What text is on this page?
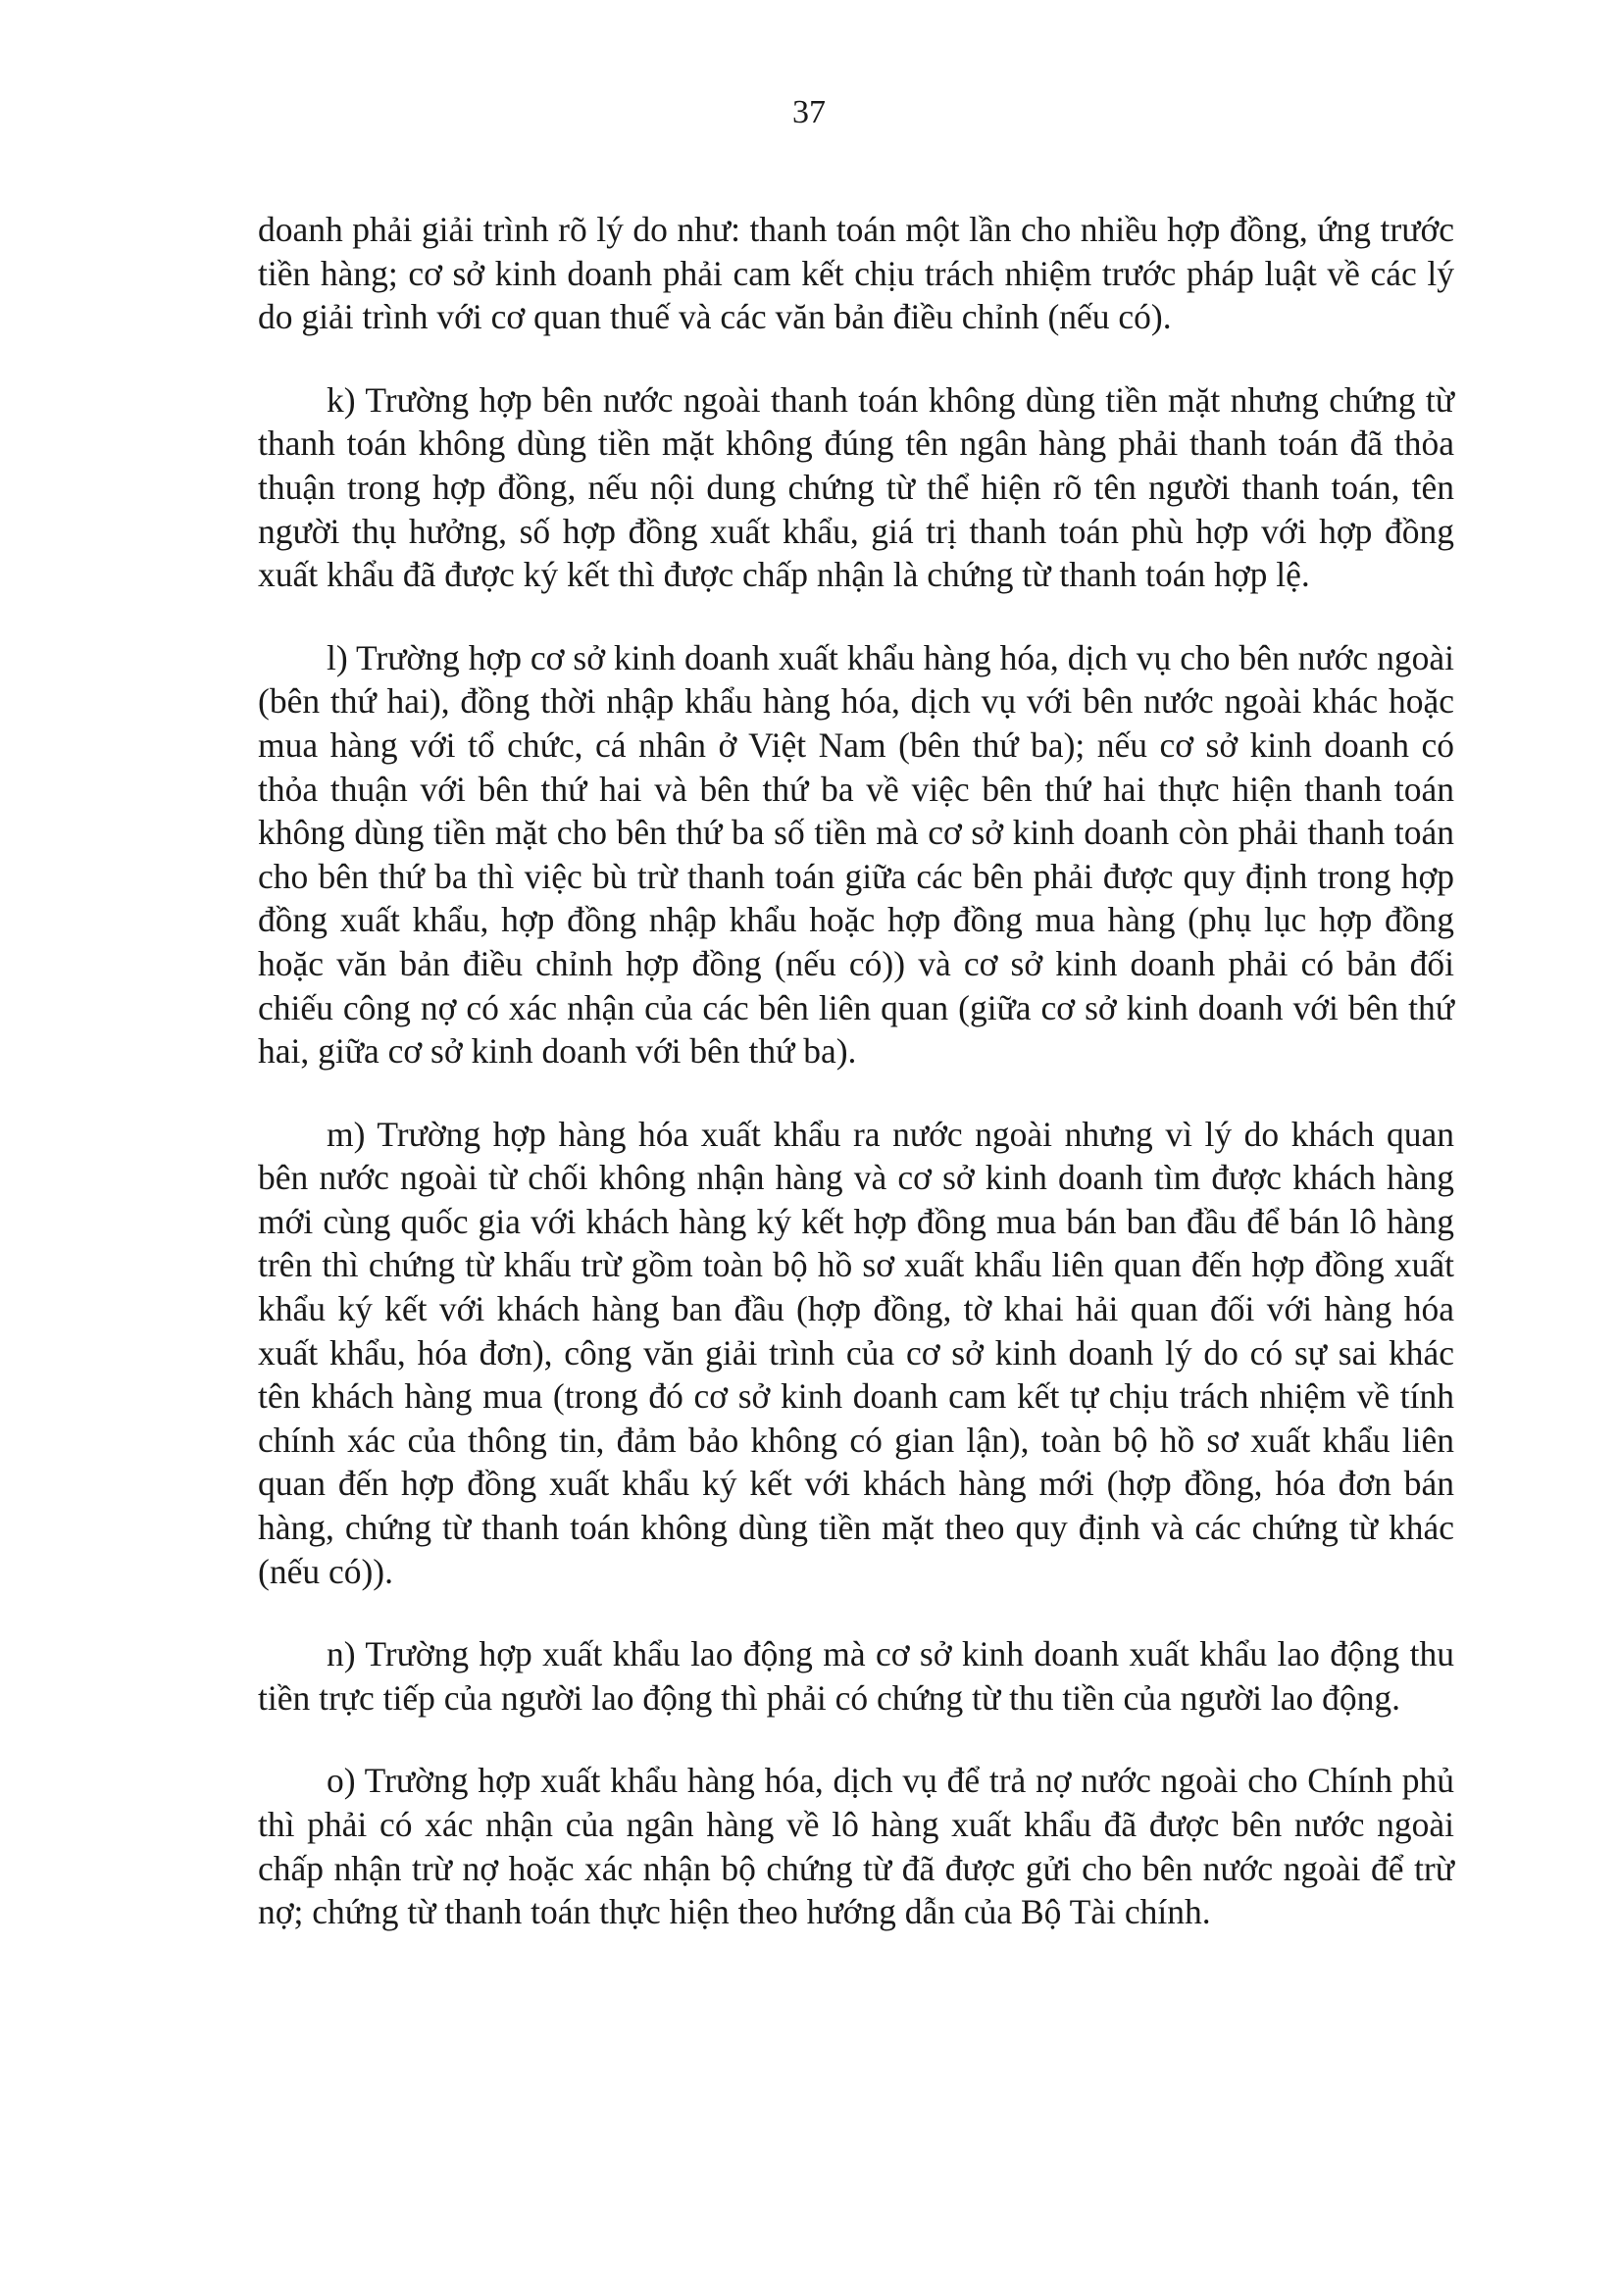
37

doanh phải giải trình rõ lý do như: thanh toán một lần cho nhiều hợp đồng, ứng trước tiền hàng; cơ sở kinh doanh phải cam kết chịu trách nhiệm trước pháp luật về các lý do giải trình với cơ quan thuế và các văn bản điều chỉnh (nếu có).

k) Trường hợp bên nước ngoài thanh toán không dùng tiền mặt nhưng chứng từ thanh toán không dùng tiền mặt không đúng tên ngân hàng phải thanh toán đã thỏa thuận trong hợp đồng, nếu nội dung chứng từ thể hiện rõ tên người thanh toán, tên người thụ hưởng, số hợp đồng xuất khẩu, giá trị thanh toán phù hợp với hợp đồng xuất khẩu đã được ký kết thì được chấp nhận là chứng từ thanh toán hợp lệ.

l) Trường hợp cơ sở kinh doanh xuất khẩu hàng hóa, dịch vụ cho bên nước ngoài (bên thứ hai), đồng thời nhập khẩu hàng hóa, dịch vụ với bên nước ngoài khác hoặc mua hàng với tổ chức, cá nhân ở Việt Nam (bên thứ ba); nếu cơ sở kinh doanh có thỏa thuận với bên thứ hai và bên thứ ba về việc bên thứ hai thực hiện thanh toán không dùng tiền mặt cho bên thứ ba số tiền mà cơ sở kinh doanh còn phải thanh toán cho bên thứ ba thì việc bù trừ thanh toán giữa các bên phải được quy định trong hợp đồng xuất khẩu, hợp đồng nhập khẩu hoặc hợp đồng mua hàng (phụ lục hợp đồng hoặc văn bản điều chỉnh hợp đồng (nếu có)) và cơ sở kinh doanh phải có bản đối chiếu công nợ có xác nhận của các bên liên quan (giữa cơ sở kinh doanh với bên thứ hai, giữa cơ sở kinh doanh với bên thứ ba).

m) Trường hợp hàng hóa xuất khẩu ra nước ngoài nhưng vì lý do khách quan bên nước ngoài từ chối không nhận hàng và cơ sở kinh doanh tìm được khách hàng mới cùng quốc gia với khách hàng ký kết hợp đồng mua bán ban đầu để bán lô hàng trên thì chứng từ khấu trừ gồm toàn bộ hồ sơ xuất khẩu liên quan đến hợp đồng xuất khẩu ký kết với khách hàng ban đầu (hợp đồng, tờ khai hải quan đối với hàng hóa xuất khẩu, hóa đơn), công văn giải trình của cơ sở kinh doanh lý do có sự sai khác tên khách hàng mua (trong đó cơ sở kinh doanh cam kết tự chịu trách nhiệm về tính chính xác của thông tin, đảm bảo không có gian lận), toàn bộ hồ sơ xuất khẩu liên quan đến hợp đồng xuất khẩu ký kết với khách hàng mới (hợp đồng, hóa đơn bán hàng, chứng từ thanh toán không dùng tiền mặt theo quy định và các chứng từ khác (nếu có)).

n) Trường hợp xuất khẩu lao động mà cơ sở kinh doanh xuất khẩu lao động thu tiền trực tiếp của người lao động thì phải có chứng từ thu tiền của người lao động.

o) Trường hợp xuất khẩu hàng hóa, dịch vụ để trả nợ nước ngoài cho Chính phủ thì phải có xác nhận của ngân hàng về lô hàng xuất khẩu đã được bên nước ngoài chấp nhận trừ nợ hoặc xác nhận bộ chứng từ đã được gửi cho bên nước ngoài để trừ nợ; chứng từ thanh toán thực hiện theo hướng dẫn của Bộ Tài chính.
